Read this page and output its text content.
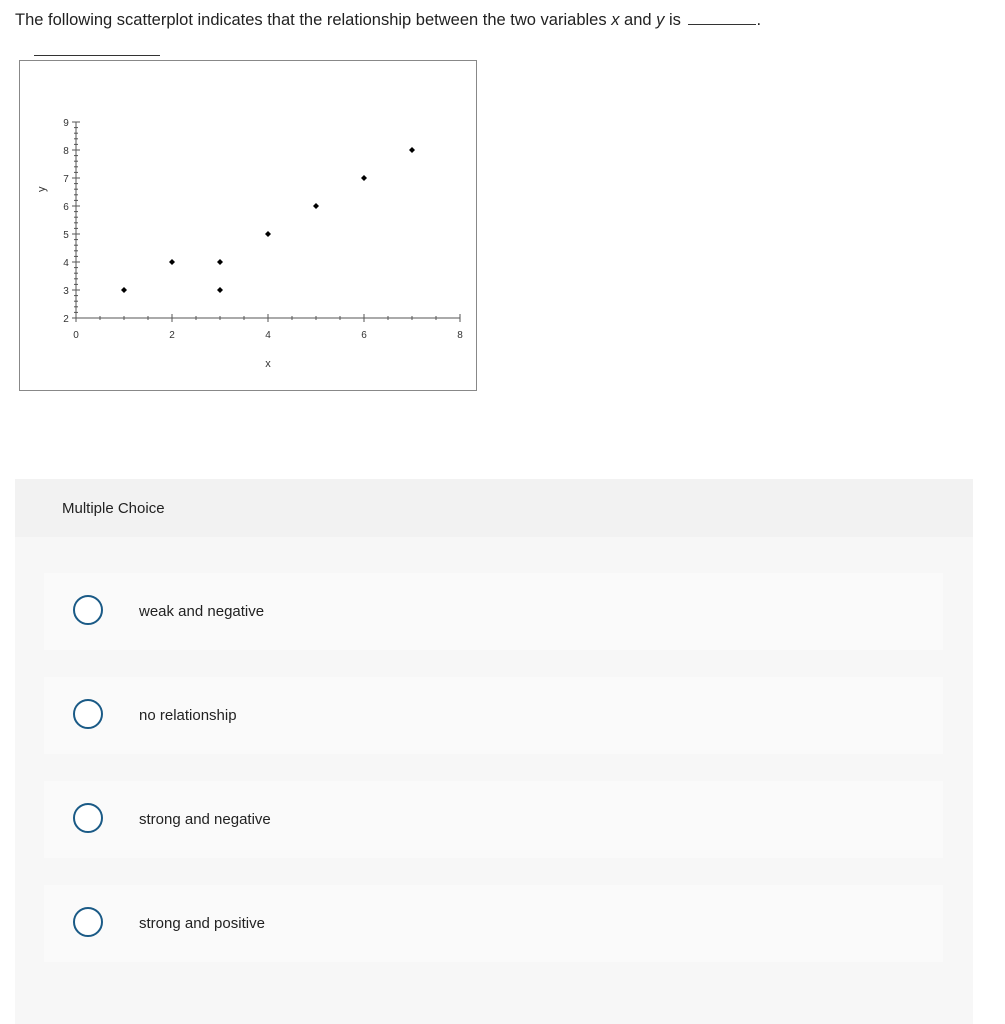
The following scatterplot indicates that the relationship between the two variables x and y is	.
0	2	4	6	8
2
3
4
5
6
7
8
9
x
y
Multiple Choice
weak and negative
no relationship
strong and negative
strong and positive
